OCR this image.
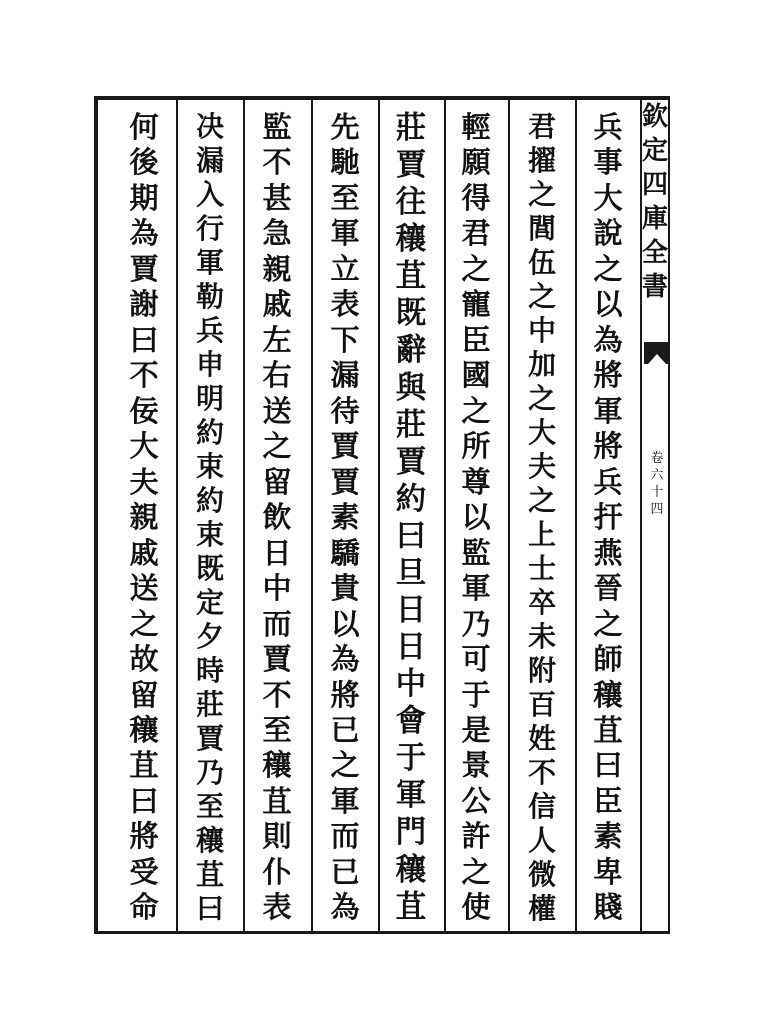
欽
定
四
庫
全
書
卷
六
十
四
兵
事
大
說
之
以
為
將
軍
將
兵
扞
燕
晉
之
師
穰
苴
曰
臣
素
卑
賤
君
擢
之
閭
伍
之
中
加
之
大
夫
之
上
士
卒
未
附
百
姓
不
信
人
微
權
輕
願
得
君
之
寵
臣
國
之
所
尊
以
監
軍
乃
可
于
是
景
公
許
之
使
莊
賈
往
穰
苴
既
辭
與
莊
賈
約
曰
旦
日
日
中
會
于
軍
門
穰
苴
先
馳
至
軍
立
表
下
漏
待
賈
賈
素
驕
貴
以
為
將
已
之
軍
而
已
為
監
不
甚
急
親
戚
左
右
送
之
留
飲
日
中
而
賈
不
至
穰
苴
則
仆
表
决
漏
入
行
軍
勒
兵
申
明
約
束
約
束
既
定
夕
時
莊
賈
乃
至
穰
苴
曰
何
後
期
為
賈
謝
曰
不
佞
大
夫
親
戚
送
之
故
留
穰
苴
曰
將
受
命
